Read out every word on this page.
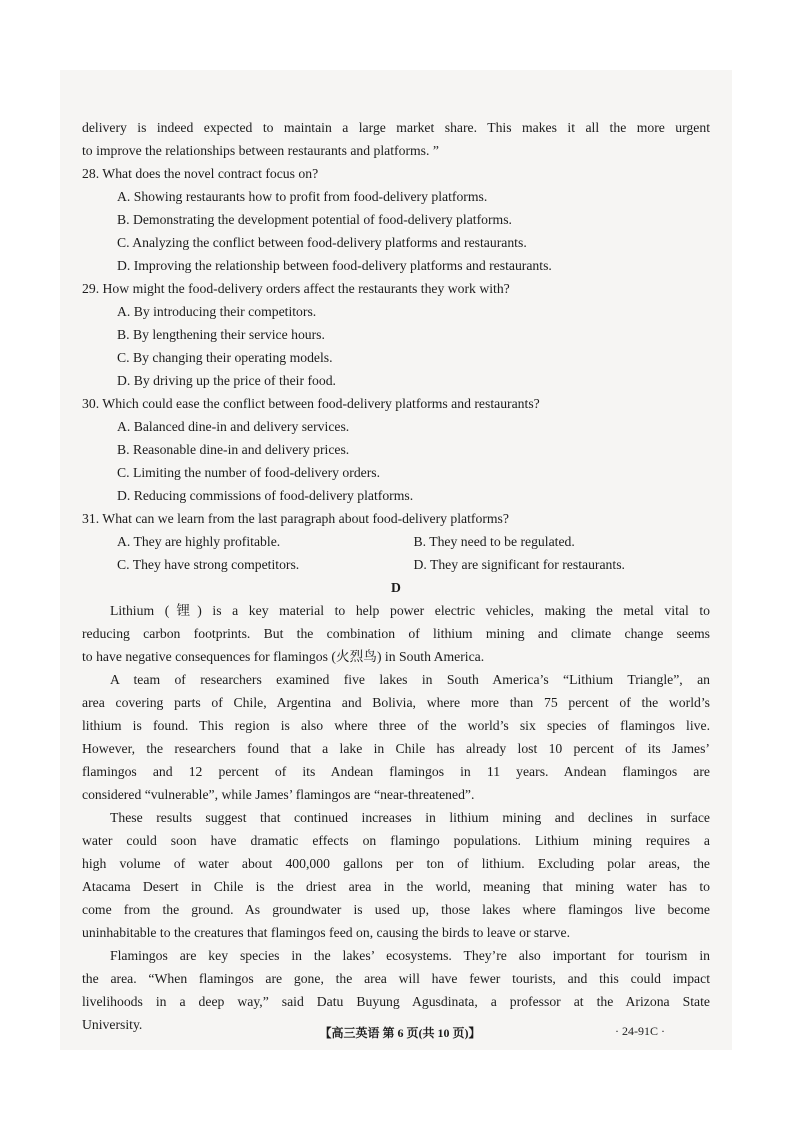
delivery is indeed expected to maintain a large market share. This makes it all the more urgent
to improve the relationships between restaurants and platforms. ”
28. What does the novel contract focus on?
A. Showing restaurants how to profit from food-delivery platforms.
B. Demonstrating the development potential of food-delivery platforms.
C. Analyzing the conflict between food-delivery platforms and restaurants.
D. Improving the relationship between food-delivery platforms and restaurants.
29. How might the food-delivery orders affect the restaurants they work with?
A. By introducing their competitors.
B. By lengthening their service hours.
C. By changing their operating models.
D. By driving up the price of their food.
30. Which could ease the conflict between food-delivery platforms and restaurants?
A. Balanced dine-in and delivery services.
B. Reasonable dine-in and delivery prices.
C. Limiting the number of food-delivery orders.
D. Reducing commissions of food-delivery platforms.
31. What can we learn from the last paragraph about food-delivery platforms?
A. They are highly profitable.	B. They need to be regulated.
C. They have strong competitors.	D. They are significant for restaurants.
D
Lithium (锂) is a key material to help power electric vehicles, making the metal vital to
reducing carbon footprints. But the combination of lithium mining and climate change seems
to have negative consequences for flamingos (火烈鸟) in South America.
A team of researchers examined five lakes in South America’s “Lithium Triangle”, an
area covering parts of Chile, Argentina and Bolivia, where more than 75 percent of the world’s
lithium is found. This region is also where three of the world’s six species of flamingos live.
However, the researchers found that a lake in Chile has already lost 10 percent of its James’
flamingos and 12 percent of its Andean flamingos in 11 years. Andean flamingos are
considered “vulnerable”, while James’ flamingos are “near-threatened”.
These results suggest that continued increases in lithium mining and declines in surface
water could soon have dramatic effects on flamingo populations. Lithium mining requires a
high volume of water about 400,000 gallons per ton of lithium. Excluding polar areas, the
Atacama Desert in Chile is the driest area in the world, meaning that mining water has to
come from the ground. As groundwater is used up, those lakes where flamingos live become
uninhabitable to the creatures that flamingos feed on, causing the birds to leave or starve.
Flamingos are key species in the lakes’ ecosystems. They’re also important for tourism in
the area. “When flamingos are gone, the area will have fewer tourists, and this could impact
livelihoods in a deep way,” said Datu Buyung Agusdinata, a professor at the Arizona State
University.
【高三英语 第 6 页(共 10 页)】	· 24-91C ·
